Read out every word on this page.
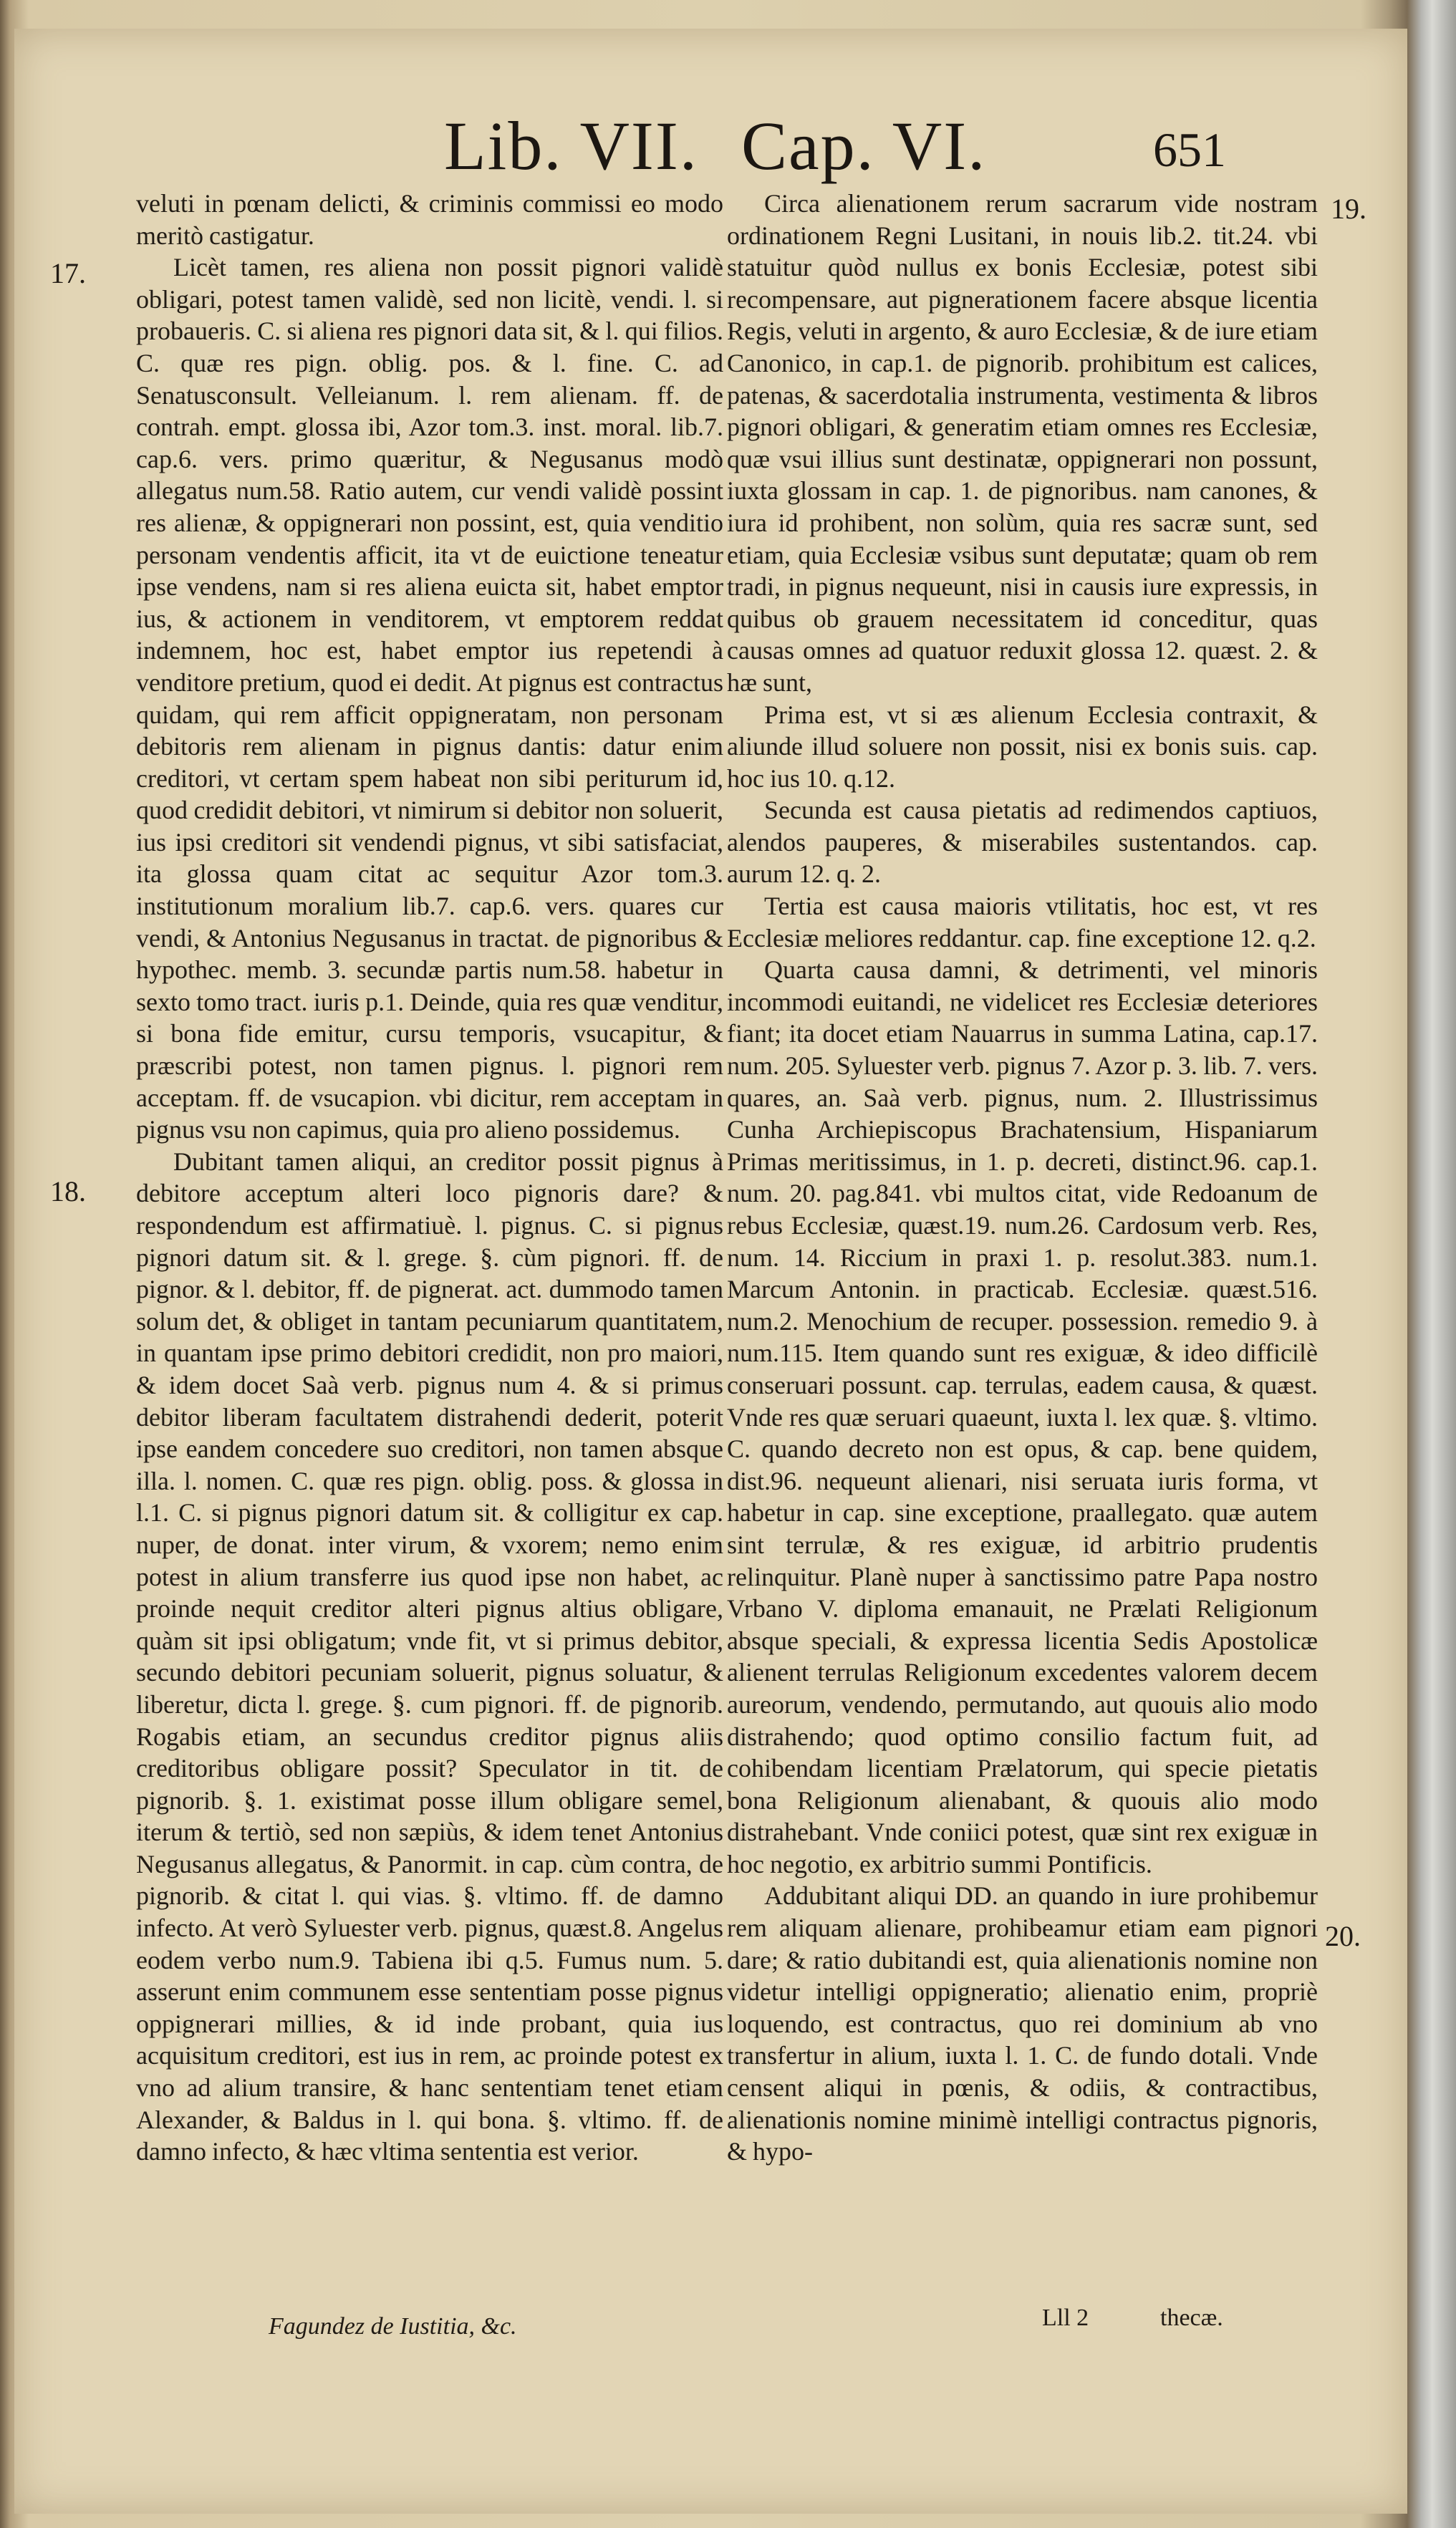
Lib. VII. Cap. VI.	651
17.
18.
19.
20.

veluti in pœnam delicti, & criminis commissi eo modo meritò castigatur.

Licèt tamen, res aliena non possit pignori validè obligari, potest tamen validè, sed non licitè, vendi. l. si probaueris. C. si aliena res pignori data sit, & l. qui filios. C. quæ res pign. oblig. pos. & l. fine. C. ad Senatusconsult. Velleianum. l. rem alienam. ff. de contrah. empt. glossa ibi, Azor tom.3. inst. moral. lib.7. cap.6. vers. primo quæritur, & Negusanus modò allegatus num.58. Ratio autem, cur vendi validè possint res alienæ, & oppignerari non possint, est, quia venditio personam vendentis afficit, ita vt de euictione teneatur ipse vendens, nam si res aliena euicta sit, habet emptor ius, & actionem in venditorem, vt emptorem reddat indemnem, hoc est, habet emptor ius repetendi à venditore pretium, quod ei dedit. At pignus est contractus quidam, qui rem afficit oppigneratam, non personam debitoris rem alienam in pignus dantis: datur enim creditori, vt certam spem habeat non sibi periturum id, quod credidit debitori, vt nimirum si debitor non soluerit, ius ipsi creditori sit vendendi pignus, vt sibi satisfaciat, ita glossa quam citat ac sequitur Azor tom.3. institutionum moralium lib.7. cap.6. vers. quares cur vendi, & Antonius Negusanus in tractat. de pignoribus & hypothec. memb. 3. secundæ partis num.58. habetur in sexto tomo tract. iuris p.1. Deinde, quia res quæ venditur, si bona fide emitur, cursu temporis, vsucapitur, & præscribi potest, non tamen pignus. l. pignori rem acceptam. ff. de vsucapion. vbi dicitur, rem acceptam in pignus vsu non capimus, quia pro alieno possidemus.

Dubitant tamen aliqui, an creditor possit pignus à debitore acceptum alteri loco pignoris dare? & respondendum est affirmatiuè. l. pignus. C. si pignus pignori datum sit. & l. grege. §. cùm pignori. ff. de pignor. & l. debitor, ff. de pignerat. act. dummodo tamen solum det, & obliget in tantam pecuniarum quantitatem, in quantam ipse primo debitori credidit, non pro maiori, & idem docet Saà verb. pignus num 4. & si primus debitor liberam facultatem distrahendi dederit, poterit ipse eandem concedere suo creditori, non tamen absque illa. l. nomen. C. quæ res pign. oblig. poss. & glossa in l.1. C. si pignus pignori datum sit. & colligitur ex cap. nuper, de donat. inter virum, & vxorem; nemo enim potest in alium transferre ius quod ipse non habet, ac proinde nequit creditor alteri pignus altius obligare, quàm sit ipsi obligatum; vnde fit, vt si primus debitor, secundo debitori pecuniam soluerit, pignus soluatur, & liberetur, dicta l. grege. §. cum pignori. ff. de pignorib. Rogabis etiam, an secundus creditor pignus aliis creditoribus obligare possit? Speculator in tit. de pignorib. §. 1. existimat posse illum obligare semel, iterum & tertiò, sed non sæpiùs, & idem tenet Antonius Negusanus allegatus, & Panormit. in cap. cùm contra, de pignorib. & citat l. qui vias. §. vltimo. ff. de damno infecto. At verò Syluester verb. pignus, quæst.8. Angelus eodem verbo num.9. Tabiena ibi q.5. Fumus num. 5. asserunt enim communem esse sententiam posse pignus oppignerari millies, & id inde probant, quia ius acquisitum creditori, est ius in rem, ac proinde potest ex vno ad alium transire, & hanc sententiam tenet etiam Alexander, & Baldus in l. qui bona. §. vltimo. ff. de damno infecto, & hæc vltima sententia est verior.

Fagundez de Iustitia, &c.

Circa alienationem rerum sacrarum vide nostram ordinationem Regni Lusitani, in nouis lib.2. tit.24. vbi statuitur quòd nullus ex bonis Ecclesiæ, potest sibi recompensare, aut pignerationem facere absque licentia Regis, veluti in argento, & auro Ecclesiæ, & de iure etiam Canonico, in cap.1. de pignorib. prohibitum est calices, patenas, & sacerdotalia instrumenta, vestimenta & libros pignori obligari, & generatim etiam omnes res Ecclesiæ, quæ vsui illius sunt destinatæ, oppignerari non possunt, iuxta glossam in cap. 1. de pignoribus. nam canones, & iura id prohibent, non solùm, quia res sacræ sunt, sed etiam, quia Ecclesiæ vsibus sunt deputatæ; quam ob rem tradi, in pignus nequeunt, nisi in causis iure expressis, in quibus ob grauem necessitatem id conceditur, quas causas omnes ad quatuor reduxit glossa 12. quæst. 2. & hæ sunt,

Prima est, vt si æs alienum Ecclesia contraxit, & aliunde illud soluere non possit, nisi ex bonis suis. cap. hoc ius 10. q.12.

Secunda est causa pietatis ad redimendos captiuos, alendos pauperes, & miserabiles sustentandos. cap. aurum 12. q. 2.

Tertia est causa maioris vtilitatis, hoc est, vt res Ecclesiæ meliores reddantur. cap. fine exceptione 12. q.2.

Quarta causa damni, & detrimenti, vel minoris incommodi euitandi, ne videlicet res Ecclesiæ deteriores fiant; ita docet etiam Nauarrus in summa Latina, cap.17. num. 205. Syluester verb. pignus 7. Azor p. 3. lib. 7. vers. quares, an. Saà verb. pignus, num. 2. Illustrissimus Cunha Archiepiscopus Brachatensium, Hispaniarum Primas meritissimus, in 1. p. decreti, distinct.96. cap.1. num. 20. pag.841. vbi multos citat, vide Redoanum de rebus Ecclesiæ, quæst.19. num.26. Cardosum verb. Res, num. 14. Riccium in praxi 1. p. resolut.383. num.1. Marcum Antonin. in practicab. Ecclesiæ. quæst.516. num.2. Menochium de recuper. possession. remedio 9. à num.115. Item quando sunt res exiguæ, & ideo difficilè conseruari possunt. cap. terrulas, eadem causa, & quæst. Vnde res quæ seruari quaeunt, iuxta l. lex quæ. §. vltimo. C. quando decreto non est opus, & cap. bene quidem, dist.96. nequeunt alienari, nisi seruata iuris forma, vt habetur in cap. sine exceptione, praallegato. quæ autem sint terrulæ, & res exiguæ, id arbitrio prudentis relinquitur. Planè nuper à sanctissimo patre Papa nostro Vrbano V. diploma emanauit, ne Prælati Religionum absque speciali, & expressa licentia Sedis Apostolicæ alienent terrulas Religionum excedentes valorem decem aureorum, vendendo, permutando, aut quouis alio modo distrahendo; quod optimo consilio factum fuit, ad cohibendam licentiam Prælatorum, qui specie pietatis bona Religionum alienabant, & quouis alio modo distrahebant. Vnde coniici potest, quæ sint rex exiguæ in hoc negotio, ex arbitrio summi Pontificis.

Addubitant aliqui DD. an quando in iure prohibemur rem aliquam alienare, prohibeamur etiam eam pignori dare; & ratio dubitandi est, quia alienationis nomine non videtur intelligi oppigneratio; alienatio enim, propriè loquendo, est contractus, quo rei dominium ab vno transfertur in alium, iuxta l. 1. C. de fundo dotali. Vnde censent aliqui in pœnis, & odiis, & contractibus, alienationis nomine minimè intelligi contractus pignoris, & hypo-

Lll 2	thecæ.
